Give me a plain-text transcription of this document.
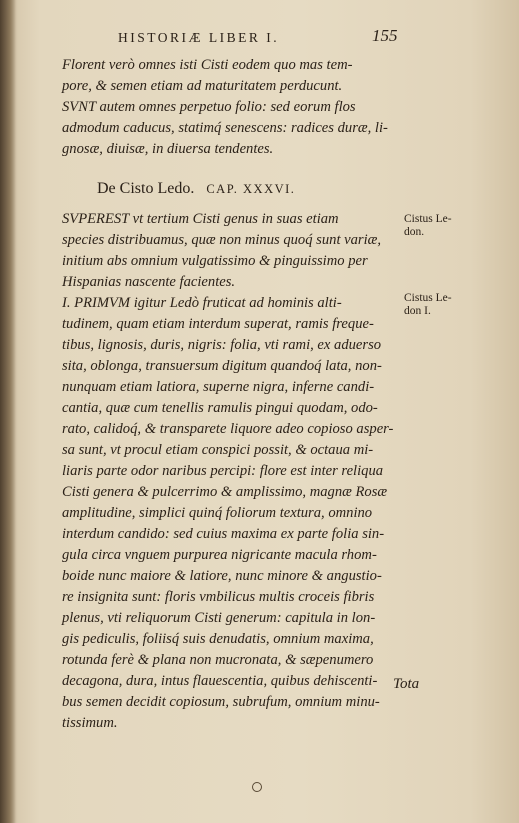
HISTORIÆ LIBER I.	155
Florent verò omnes isti Cisti eodem quo mas tem-
pore, & semen etiam ad maturitatem perducunt.
SVNT autem omnes perpetuo folio: sed eorum flos
admodum caducus, statimq́ senescens: radices duræ, li-
gnosæ, diuisæ, in diuersa tendentes.
De Cisto Ledo. CAP. XXXVI.
Cistus Le-
don.
Cistus Le-
don I.
SVPEREST vt tertium Cisti genus in suas etiam
species distribuamus, quæ non minus quoq́ sunt variæ,
initium abs omnium vulgatissimo & pinguissimo per
Hispanias nascente facientes.
I. PRIMVM igitur Ledò fruticat ad hominis alti-
tudinem, quam etiam interdum superat, ramis freque-
tibus, lignosis, duris, nigris: folia, vti rami, ex aduerso
sita, oblonga, transuersum digitum quandoq́ lata, non-
nunquam etiam latiora, superne nigra, inferne candi-
cantia, quæ cum tenellis ramulis pingui quodam, odo-
rato, calidoq́, & transparete liquore adeo copioso asper-
sa sunt, vt procul etiam conspici possit, & octaua mi-
liaris parte odor naribus percipi: flore est inter reliqua
Cisti genera & pulcerrimo & amplissimo, magnæ Rosæ
amplitudine, simplici quinq́ foliorum textura, omnino
interdum candido: sed cuius maxima ex parte folia sin-
gula circa vnguem purpurea nigricante macula rhom-
boide nunc maiore & latiore, nunc minore & angustio-
re insignita sunt: floris vmbilicus multis croceis fibris
plenus, vti reliquorum Cisti generum: capitula in lon-
gis pediculis, foliisq́ suis denudatis, omnium maxima,
rotunda ferè & plana non mucronata, & sæpenumero
decagona, dura, intus flauescentia, quibus dehiscenti-
bus semen decidit copiosum, subrufum, omnium minu-
tissimum.
Tota
